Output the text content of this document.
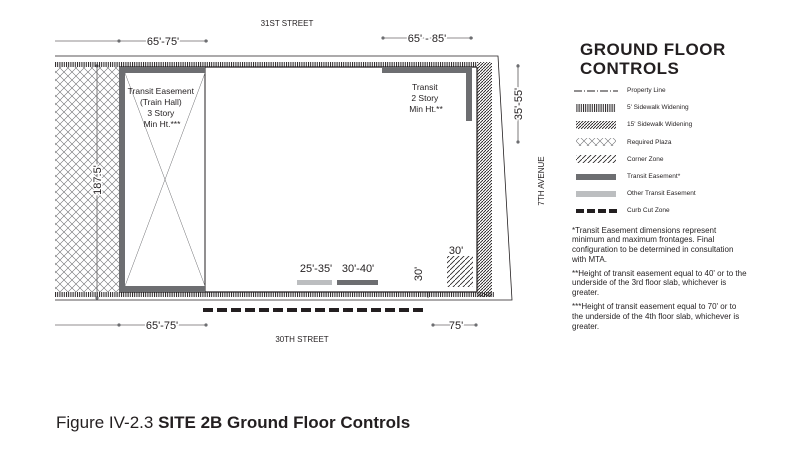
31ST STREET
30TH STREET
7TH AVENUE
65'-75'	65' - 85'
65'-75'	75'
35'-55'
187.5'
25'-35' 30'-40'
30'
30'
Transit Easement (Train Hall) 3 Story Min Ht.***
Transit 2 Story Min Ht.**
GROUND FLOOR
CONTROLS
Property Line
5' Sidewalk Widening
15' Sidewalk Widening
Required Plaza
Corner Zone
Transit Easement*
Other Transit Easement
Curb Cut Zone
*Transit Easement dimensions represent minimum and maximum frontages. Final configuration to be determined in consultation with MTA.
**Height of transit easement equal to 40' or to the underside of the 3rd floor slab, whichever is greater.
***Height of transit easement equal to 70' or to the underside of the 4th floor slab, whichever is greater.
Figure IV-2.3 SITE 2B Ground Floor Controls
